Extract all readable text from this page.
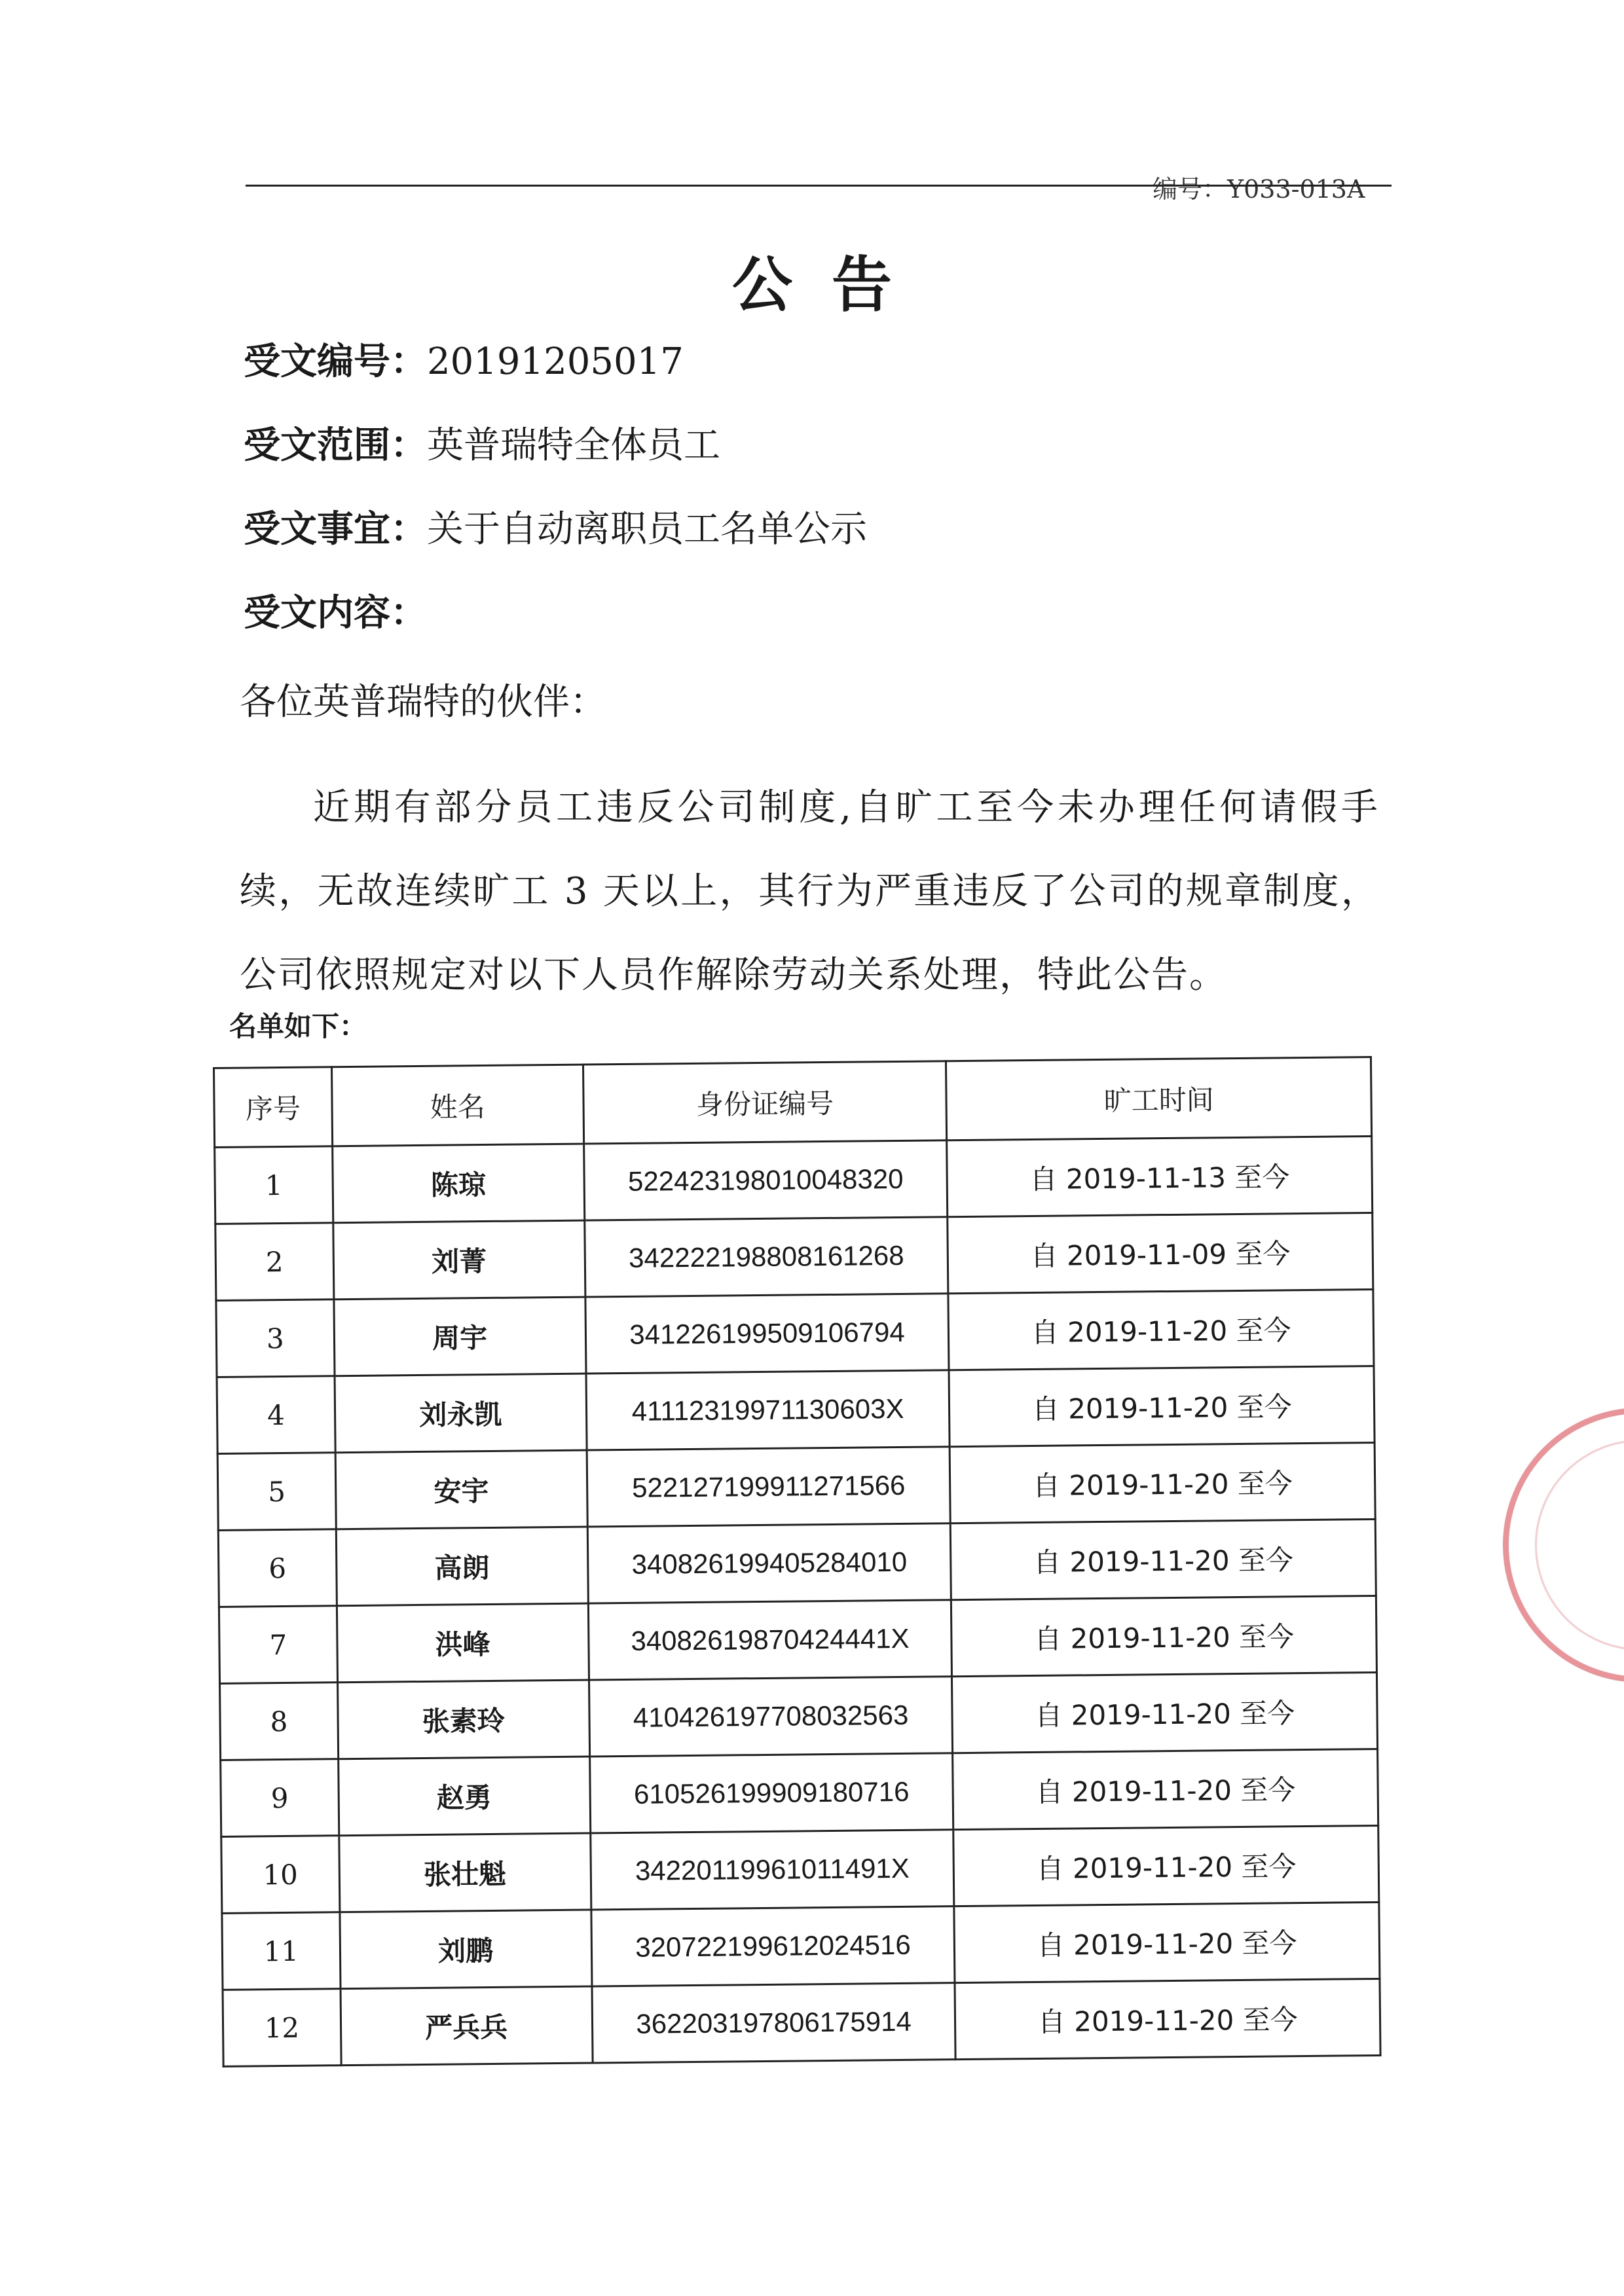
编号：Y033-013A
公告
受文编号：20191205017
受文范围：英普瑞特全体员工
受文事宜：关于自动离职员工名单公示
受文内容：
各位英普瑞特的伙伴：
近期有部分员工违反公司制度,自旷工至今未办理任何请假手续，无故连续旷工 3 天以上，其行为严重违反了公司的规章制度，公司依照规定对以下人员作解除劳动关系处理，特此公告。
名单如下：
序号	姓名	身份证编号	旷工时间
1	陈琼	522423198010048320	自 2019-11-13 至今
2	刘菁	342222198808161268	自 2019-11-09 至今
3	周宇	341226199509106794	自 2019-11-20 至今
4	刘永凯	41112319971130603X	自 2019-11-20 至今
5	安宇	522127199911271566	自 2019-11-20 至今
6	高朗	340826199405284010	自 2019-11-20 至今
7	洪峰	34082619870424441X	自 2019-11-20 至今
8	张素玲	410426197708032563	自 2019-11-20 至今
9	赵勇	610526199909180716	自 2019-11-20 至今
10	张壮魁	34220119961011491X	自 2019-11-20 至今
11	刘鹏	320722199612024516	自 2019-11-20 至今
12	严兵兵	362203197806175914	自 2019-11-20 至今
